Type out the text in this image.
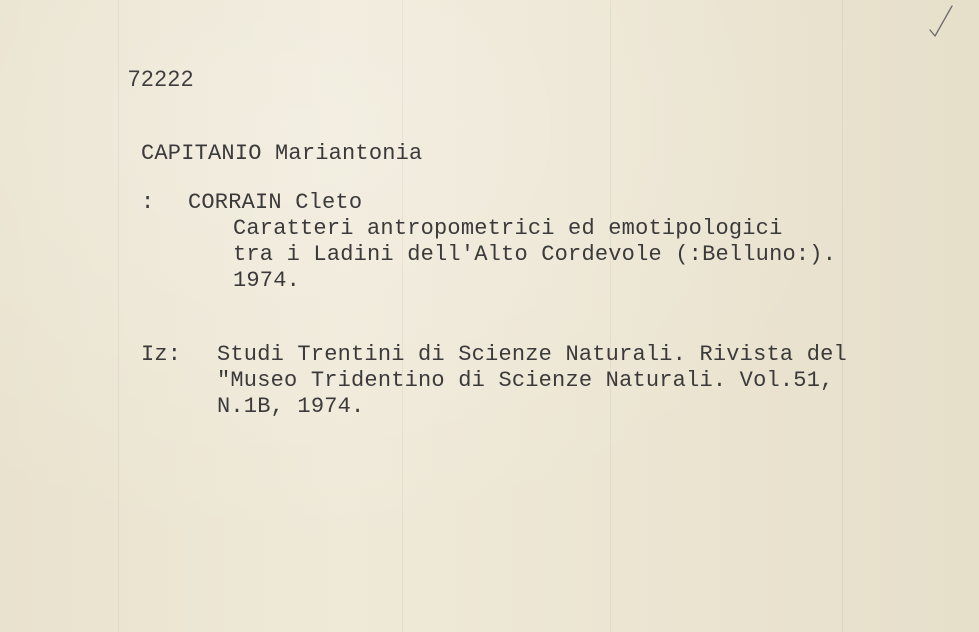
72222
CAPITANIO Mariantonia
: CORRAIN Cleto
Caratteri antropometrici ed emotipologici
tra i Ladini dell'Alto Cordevole (:Belluno:).
1974.
Iz: Studi Trentini di Scienze Naturali. Rivista del
"Museo Tridentino di Scienze Naturali. Vol.51,
N.1B, 1974.
